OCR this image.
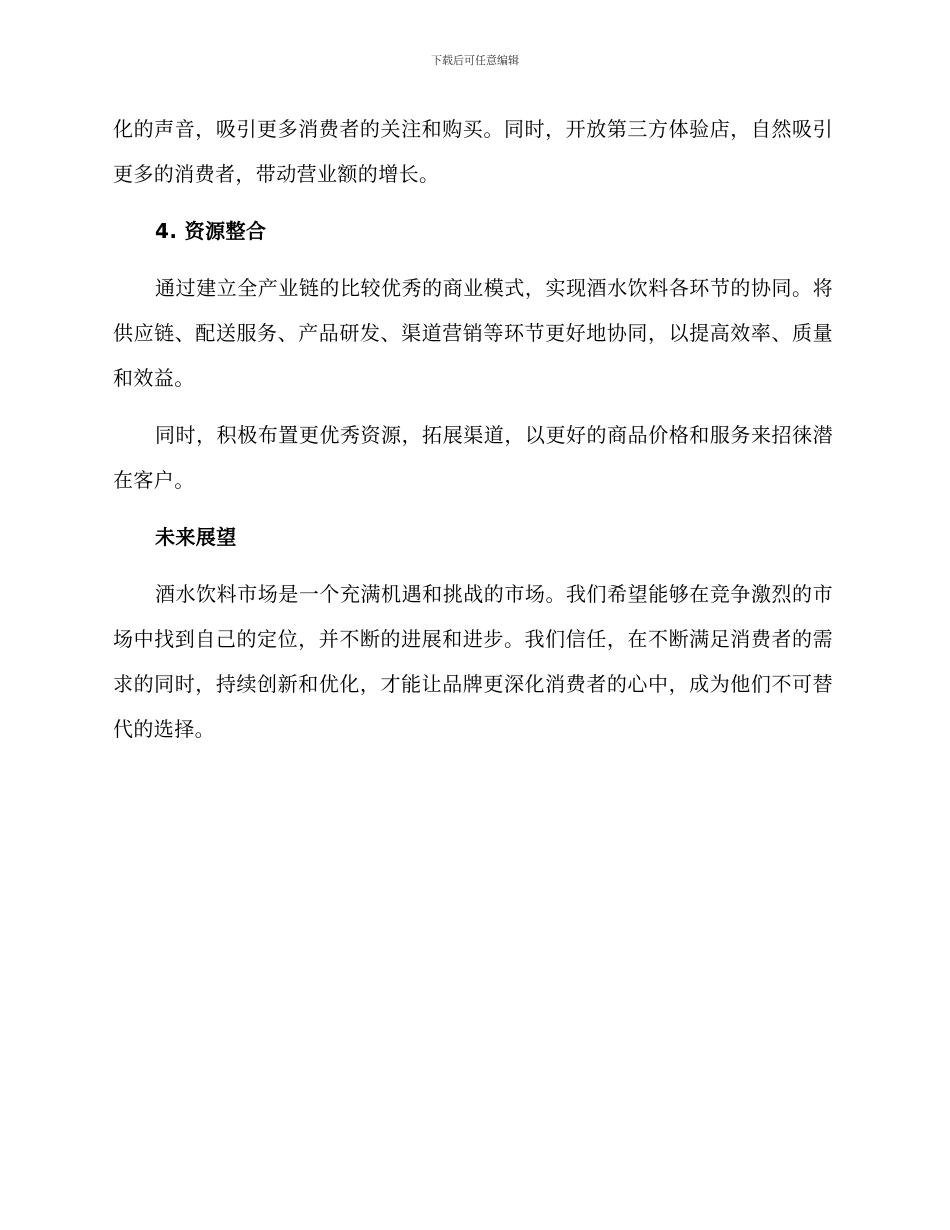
下载后可任意编辑

化的声音，吸引更多消费者的关注和购买。同时，开放第三方体验店，自然吸引更多的消费者，带动营业额的增长。

4. 资源整合

通过建立全产业链的比较优秀的商业模式，实现酒水饮料各环节的协同。将供应链、配送服务、产品研发、渠道营销等环节更好地协同，以提高效率、质量和效益。

同时，积极布置更优秀资源，拓展渠道，以更好的商品价格和服务来招徕潜在客户。

未来展望

酒水饮料市场是一个充满机遇和挑战的市场。我们希望能够在竞争激烈的市场中找到自己的定位，并不断的进展和进步。我们信任，在不断满足消费者的需求的同时，持续创新和优化，才能让品牌更深化消费者的心中，成为他们不可替代的选择。
